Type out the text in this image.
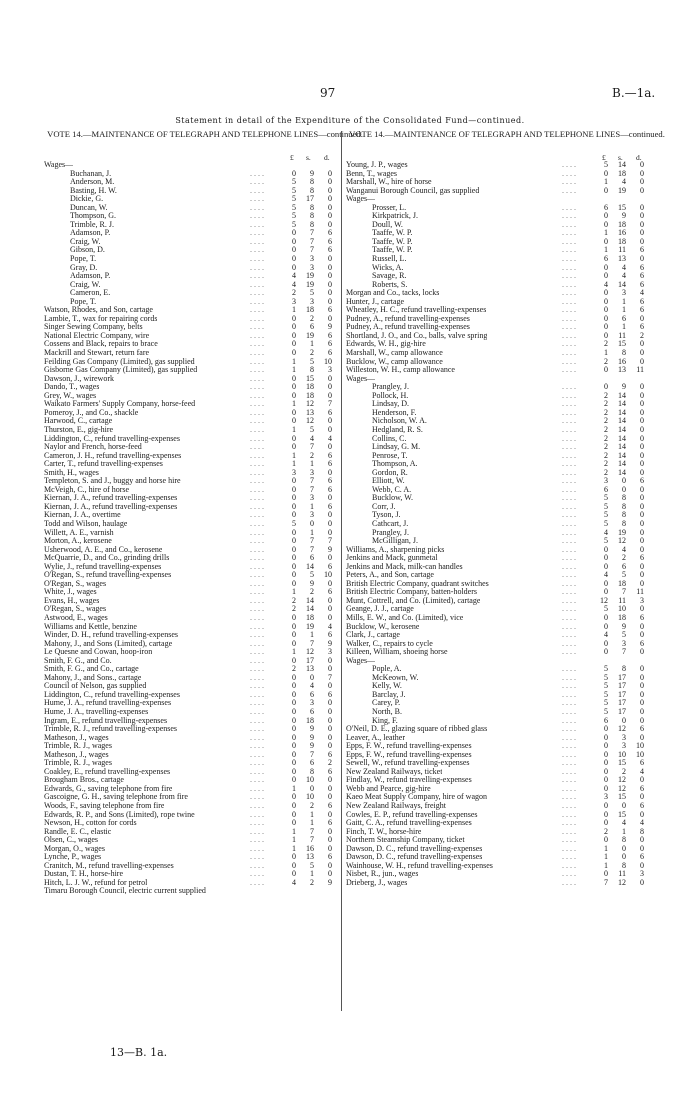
97	B.—1a.
Statement in detail of the Expenditure of the Consolidated Fund—continued.
VOTE 14.—MAINTENANCE OF TELEGRAPH AND TELEPHONE LINES—continued.
£ s. d.
Wages—
Buchanan, J.	. . . .	0	9	0
Anderson, M.	. . . .	5	8	0
Basting, H. W.	. . . .	5	8	0
Dickie, G.	. . . .	5	17	0
Duncan, W.	. . . .	5	8	0
Thompson, G.	. . . .	5	8	0
Trimble, R. J.	. . . .	5	8	0
Adamson, P.	. . . .	0	7	6
Craig, W.	. . . .	0	7	6
Gibson, D.	. . . .	0	7	6
Pope, T.	. . . .	0	3	0
Gray, D.	. . . .	0	3	0
Adamson, P.	. . . .	4	19	0
Craig, W.	. . . .	4	19	0
Cameron, E.	. . . .	2	5	0
Pope, T.	. . . .	3	3	0
Watson, Rhodes, and Son, cartage	. . . .	1	18	6
Lambie, T., wax for repairing cords	. . . .	0	2	0
Singer Sewing Company, belts	. . . .	0	6	9
National Electric Company, wire	. . . .	0	19	6
Cossens and Black, repairs to brace	. . . .	0	1	6
Mackrill and Stewart, return fare	. . . .	0	2	6
Feilding Gas Company (Limited), gas supplied	. . . .	1	5	10
Gisborne Gas Company (Limited), gas supplied	. . . .	1	8	3
Dawson, J., wirework	. . . .	0	15	0
Dando, T., wages	. . . .	0	18	0
Grey, W., wages	. . . .	0	18	0
Waikato Farmers' Supply Company, horse-feed	. . . .	1	12	7
Pomeroy, J., and Co., shackle	. . . .	0	13	6
Harwood, C., cartage	. . . .	0	12	0
Thurston, E., gig-hire	. . . .	1	5	0
Liddington, C., refund travelling-expenses	. . . .	0	4	4
Naylor and French, horse-feed	. . . .	0	7	0
Cameron, J. H., refund travelling-expenses	. . . .	1	2	6
Carter, T., refund travelling-expenses	. . . .	1	1	6
Smith, H., wages	. . . .	3	3	0
Templeton, S. and J., buggy and horse hire	. . . .	0	7	6
McVeigh, C., hire of horse	. . . .	0	7	6
Kiernan, J. A., refund travelling-expenses	. . . .	0	3	0
Kiernan, J. A., refund travelling-expenses	. . . .	0	1	6
Kiernan, J. A., overtime	. . . .	0	3	0
Todd and Wilson, haulage	. . . .	5	0	0
Willett, A. E., varnish	. . . .	0	1	0
Morton, A., kerosene	. . . .	0	7	7
Usherwood, A. E., and Co., kerosene	. . . .	0	7	9
McQuarrie, D., and Co., grinding drills	. . . .	0	6	0
Wylie, J., refund travelling-expenses	. . . .	0	14	6
O'Regan, S., refund travelling-expenses	. . . .	0	5	10
O'Regan, S., wages	. . . .	0	9	0
White, J., wages	. . . .	1	2	6
Evans, H., wages	. . . .	2	14	0
O'Regan, S., wages	. . . .	2	14	0
Astwood, E., wages	. . . .	0	18	0
Williams and Kettle, benzine	. . . .	0	19	4
Winder, D. H., refund travelling-expenses	. . . .	0	1	6
Mahony, J., and Sons (Limited), cartage	. . . .	0	7	9
Le Quesne and Cowan, hoop-iron	. . . .	1	12	3
Smith, F. G., and Co.	. . . .	0	17	0
Smith, F. G., and Co., cartage	. . . .	2	13	0
Mahony, J., and Sons., cartage	. . . .	0	0	7
Council of Nelson, gas supplied	. . . .	0	4	0
Liddington, C., refund travelling-expenses	. . . .	0	6	6
Hume, J. A., refund travelling-expenses	. . . .	0	3	0
Hume, J. A., travelling-expenses	. . . .	0	6	0
Ingram, E., refund travelling-expenses	. . . .	0	18	0
Trimble, R. J., refund travelling-expenses	. . . .	0	9	0
Matheson, J., wages	. . . .	0	9	0
Trimble, R. J., wages	. . . .	0	9	0
Matheson, J., wages	. . . .	0	7	6
Trimble, R. J., wages	. . . .	0	6	2
Coakley, E., refund travelling-expenses	. . . .	0	8	6
Brougham Bros., cartage	. . . .	0	10	0
Edwards, G., saving telephone from fire	. . . .	1	0	0
Gascoigne, G. H., saving telephone from fire	. . . .	0	10	0
Woods, F., saving telephone from fire	. . . .	0	2	6
Edwards, R. P., and Sons (Limited), rope twine	. . . .	0	1	0
Newson, H., cotton for cords	. . . .	0	1	6
Randle, E. C., elastic	. . . .	1	7	0
Olsen, C., wages	. . . .	1	7	0
Morgan, O., wages	. . . .	1	16	0
Lynche, P., wages	. . . .	0	13	6
Cranitch, M., refund travelling-expenses	. . . .	0	5	0
Dustan, T. H., horse-hire	. . . .	0	1	0
Hitch, L. J. W., refund for petrol	. . . .	4	2	9
Timaru Borough Council, electric current supplied
VOTE 14.—MAINTENANCE OF TELEGRAPH AND TELEPHONE LINES—continued.
£ s. d.
Young, J. P., wages	. . . .	5	14	0
Benn, T., wages	. . . .	0	18	0
Marshall, W., hire of horse	. . . .	1	4	0
Wanganui Borough Council, gas supplied	. . . .	0	19	0
Wages—
Prosser, L.	. . . .	6	15	0
Kirkpatrick, J.	. . . .	0	9	0
Doull, W.	. . . .	0	18	0
Taaffe, W. P.	. . . .	1	16	0
Taaffe, W. P.	. . . .	0	18	0
Taaffe, W. P.	. . . .	1	11	6
Russell, L.	. . . .	6	13	0
Wicks, A.	. . . .	0	4	6
Savage, R.	. . . .	0	4	6
Roberts, S.	. . . .	4	14	6
Morgan and Co., tacks, locks	. . . .	0	3	4
Hunter, J., cartage	. . . .	0	1	6
Wheatley, H. C., refund travelling-expenses	. . . .	0	1	6
Pudney, A., refund travelling-expenses	. . . .	0	6	0
Pudney, A., refund travelling-expenses	. . . .	0	1	6
Shortland, J. O., and Co., balls, valve spring	. . . .	0	11	2
Edwards, W. H., gig-hire	. . . .	2	15	0
Marshall, W., camp allowance	. . . .	1	8	0
Bucklow, W., camp allowance	. . . .	2	16	0
Willeston, W. H., camp allowance	. . . .	0	13	11
Wages—
Prangley, J.	. . . .	0	9	0
Pollock, H.	. . . .	2	14	0
Lindsay, D.	. . . .	2	14	0
Henderson, F.	. . . .	2	14	0
Nicholson, W. A.	. . . .	2	14	0
Hedgland, R. S.	. . . .	2	14	0
Collins, C.	. . . .	2	14	0
Lindsay, G. M.	. . . .	2	14	0
Penrose, T.	. . . .	2	14	0
Thompson, A.	. . . .	2	14	0
Gordon, R.	. . . .	2	14	0
Elliott, W.	. . . .	3	0	6
Webb, C. A.	. . . .	6	0	0
Bucklow, W.	. . . .	5	8	0
Corr, J.	. . . .	5	8	0
Tyson, J.	. . . .	5	8	0
Cathcart, J.	. . . .	5	8	0
Prangley, J.	. . . .	4	19	0
McGilligan, J.	. . . .	5	12	0
Williams, A., sharpening picks	. . . .	0	4	0
Jenkins and Mack, gunmetal	. . . .	0	2	6
Jenkins and Mack, milk-can handles	. . . .	0	6	0
Peters, A., and Son, cartage	. . . .	4	5	0
British Electric Company, quadrant switches	. . . .	0	18	0
British Electric Company, batten-holders	. . . .	0	7	11
Munt, Cottrell, and Co. (Limited), cartage	. . . .	12	11	3
Geange, J. J., cartage	. . . .	5	10	0
Mills, E. W., and Co. (Limited), vice	. . . .	0	18	6
Bucklow, W., kerosene	. . . .	0	9	0
Clark, J., cartage	. . . .	4	5	0
Walker, C., repairs to cycle	. . . .	0	3	6
Killeen, William, shoeing horse	. . . .	0	7	0
Wages—
Pople, A.	. . . .	5	8	0
McKeown, W.	. . . .	5	17	0
Kelly, W.	. . . .	5	17	0
Barclay, J.	. . . .	5	17	0
Carey, P.	. . . .	5	17	0
North, B.	. . . .	5	17	0
King, F.	. . . .	6	0	0
O'Neil, D. E., glazing square of ribbed glass	. . . .	0	12	6
Leaver, A., leather	. . . .	0	3	0
Epps, F. W., refund travelling-expenses	. . . .	0	3	10
Epps, F. W., refund travelling-expenses	. . . .	0	10	10
Sewell, W., refund travelling-expenses	. . . .	0	15	6
New Zealand Railways, ticket	. . . .	0	2	4
Findlay, W., refund travelling-expenses	. . . .	0	12	0
Webb and Pearce, gig-hire	. . . .	0	12	6
Kaeo Meat Supply Company, hire of wagon	. . . .	3	15	0
New Zealand Railways, freight	. . . .	0	0	6
Cowles, E. P., refund travelling-expenses	. . . .	0	15	0
Gaitt, C. A., refund travelling-expenses	. . . .	0	4	4
Finch, T. W., horse-hire	. . . .	2	1	8
Northern Steamship Company, ticket	. . . .	0	8	0
Dawson, D. C., refund travelling-expenses	. . . .	1	0	0
Dawson, D. C., refund travelling-expenses	. . . .	1	0	6
Wainhouse, W. H., refund travelling-expenses	. . . .	1	8	0
Nisbet, R., jun., wages	. . . .	0	11	3
Drieberg, J., wages	. . . .	7	12	0
13—B. 1a.
